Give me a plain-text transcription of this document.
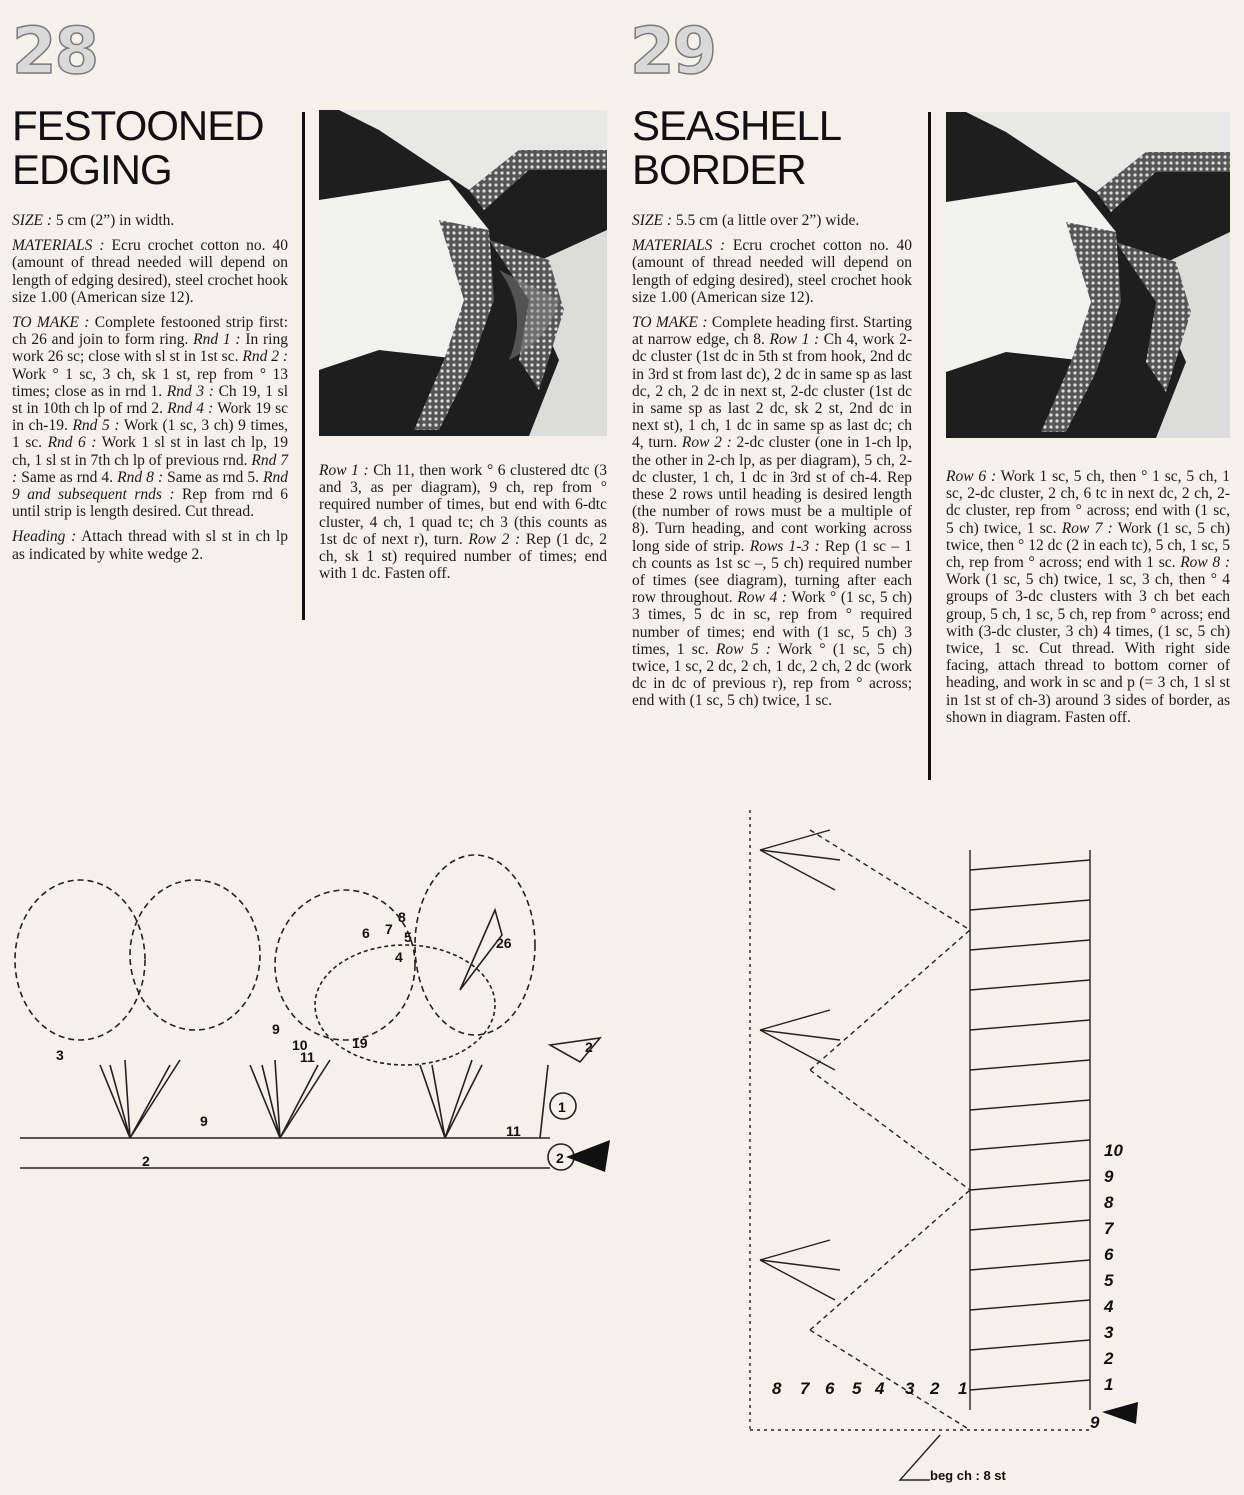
28
FESTOONED
EDGING

SIZE : 5 cm (2”) in width.

MATERIALS : Ecru crochet cotton no. 40 (amount of thread needed will depend on length of edging desired), steel crochet hook size 1.00 (American size 12).

TO MAKE : Complete festooned strip first: ch 26 and join to form ring. Rnd 1 : In ring work 26 sc; close with sl st in 1st sc. Rnd 2 : Work ° 1 sc, 3 ch, sk 1 st, rep from ° 13 times; close as in rnd 1. Rnd 3 : Ch 19, 1 sl st in 10th ch lp of rnd 2. Rnd 4 : Work 19 sc in ch-19. Rnd 5 : Work (1 sc, 3 ch) 9 times, 1 sc. Rnd 6 : Work 1 sl st in last ch lp, 19 ch, 1 sl st in 7th ch lp of previous rnd. Rnd 7 : Same as rnd 4. Rnd 8 : Same as rnd 5. Rnd 9 and subsequent rnds : Rep from rnd 6 until strip is length desired. Cut thread.

Heading : Attach thread with sl st in ch lp as indicated by white wedge 2.

Row 1 : Ch 11, then work ° 6 clustered dtc (3 and 3, as per diagram), 9 ch, rep from ° required number of times, but end with 6-dtc cluster, 4 ch, 1 quad tc; ch 3 (this counts as 1st dc of next r), turn. Row 2 : Rep (1 dc, 2 ch, sk 1 st) required number of times; end with 1 dc. Fasten off.

29
SEASHELL
BORDER

SIZE : 5.5 cm (a little over 2”) wide.

MATERIALS : Ecru crochet cotton no. 40 (amount of thread needed will depend on length of edging desired), steel crochet hook size 1.00 (American size 12).

TO MAKE : Complete heading first. Starting at narrow edge, ch 8. Row 1 : Ch 4, work 2-dc cluster (1st dc in 5th st from hook, 2nd dc in 3rd st from last dc), 2 dc in same sp as last dc, 2 ch, 2 dc in next st, 2-dc cluster (1st dc in same sp as last 2 dc, sk 2 st, 2nd dc in next st), 1 ch, 1 dc in same sp as last dc; ch 4, turn. Row 2 : 2-dc cluster (one in 1-ch lp, the other in 2-ch lp, as per diagram), 5 ch, 2-dc cluster, 1 ch, 1 dc in 3rd st of ch-4. Rep these 2 rows until heading is desired length (the number of rows must be a multiple of 8). Turn heading, and cont working across long side of strip. Rows 1-3 : Rep (1 sc – 1 ch counts as 1st sc –, 5 ch) required number of times (see diagram), turning after each row throughout. Row 4 : Work ° (1 sc, 5 ch) 3 times, 5 dc in sc, rep from ° required number of times; end with (1 sc, 5 ch) 3 times, 1 sc. Row 5 : Work ° (1 sc, 5 ch) twice, 1 sc, 2 dc, 2 ch, 1 dc, 2 ch, 2 dc (work dc in dc of previous r), rep from ° across; end with (1 sc, 5 ch) twice, 1 sc.

Row 6 : Work 1 sc, 5 ch, then ° 1 sc, 5 ch, 1 sc, 2-dc cluster, 2 ch, 6 tc in next dc, 2 ch, 2-dc cluster, rep from ° across; end with (1 sc, 5 ch) twice, 1 sc. Row 7 : Work (1 sc, 5 ch) twice, then ° 12 dc (2 in each tc), 5 ch, 1 sc, 5 ch, rep from ° across; end with 1 sc. Row 8 : Work (1 sc, 5 ch) twice, 1 sc, 3 ch, then ° 4 groups of 3-dc clusters with 3 ch bet each group, 5 ch, 1 sc, 5 ch, rep from ° across; end with (3-dc cluster, 3 ch) 4 times, (1 sc, 5 ch) twice, 1 sc. Cut thread. With right side facing, attach thread to bottom corner of heading, and work in sc and p (= 3 ch, 1 sl st in 1st st of ch-3) around 3 sides of border, as shown in diagram. Fasten off.

3
9
10
11
19
26
8
7
6 5
4
9
2
11
1
2
2
10
9
8
7
6
5
4
3
2
1
8 7 6 5 4 3 2 1
9
beg ch : 8 st
